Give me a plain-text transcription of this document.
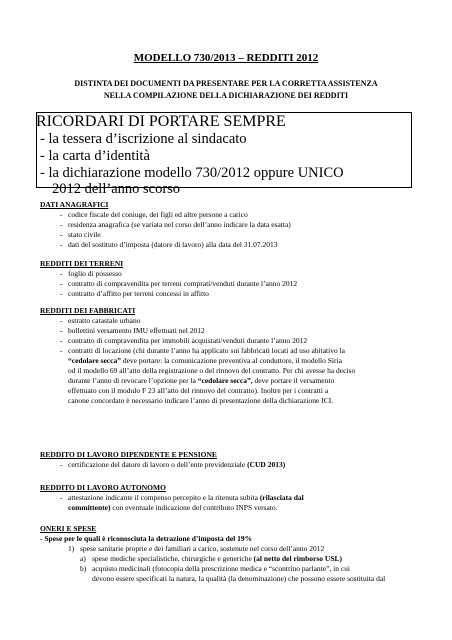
MODELLO 730/2013 – REDDITI 2012
DISTINTA DEI DOCUMENTI DA PRESENTARE PER LA CORRETTA ASSISTENZA
NELLA COMPILAZIONE DELLA DICHIARAZIONE DEI REDDITI
RICORDARI DI PORTARE SEMPRE
- la tessera d’iscrizione al sindacato
- la carta d’identità
- la dichiarazione modello 730/2012 oppure UNICO
2012 dell’anno scorso
DATI ANAGRAFICI
- codice fiscale del coniuge, dei figli ed altre persone a carico
- residenza anagrafica (se variata nel corso dell’anno indicare la data esatta)
- stato civile
- dati del sostituto d’imposta (datore di lavoro) alla data del 31.07.2013
REDDITI DEI TERRENI
- foglio di possesso
- contratto di compravendita per terreni comprati/venduti durante l’anno 2012
- contratto d’affitto per terreni concessi in affitto
REDDITI DEI FABBRICATI
- estratto catastale urbano
- bollettini versamento IMU effettuati nel 2012
- contratto di compravendita per immobili acquistati/venduti durante l’anno 2012
- contratti di locazione (chi durante l’anno ha applicato sui fabbricati locati ad uso abitativo la
“cedolare secca” deve portare: la comunicazione preventiva al conduttore, il modello Siria
od il modello 69 all’atto della registrazione o del rinnovo del contratto. Per chi avesse ha deciso
durante l’anno di revocare l’opzione per la “cedolare secca”, deve portare il versamento
effettuato con il modulo F 23 all’atto del rinnovo del contratto). Inoltre per i contratti a
canone concordato è necessario indicare l’anno di presentazione della dichiarazione ICI.
REDDITO DI LAVORO DIPENDENTE E PENSIONE
- certificazione del datore di lavoro o dell’ente previdenziale (CUD 2013)
REDDITO DI LAVORO AUTONOMO
- attestazione indicante il compenso percepito e la ritenuta subita (rilasciata dal
committente) con eventuale indicazione del contributo INPS versato.
ONERI E SPESE
- Spese per le quali è riconosciuta la detrazione d’imposta del 19%
1) spese sanitarie proprie e dei familiari a carico, sostenute nel corso dell’anno 2012
a) spese mediche specialistiche, chirurgiche e generiche (al netto del rimborso USL)
b) acquisto medicinali (fotocopia della prescrizione medica e “scontrino parlante”, in cui
devono essere specificati la natura, la qualità (la denominazione) che possono essere sostituita dal
